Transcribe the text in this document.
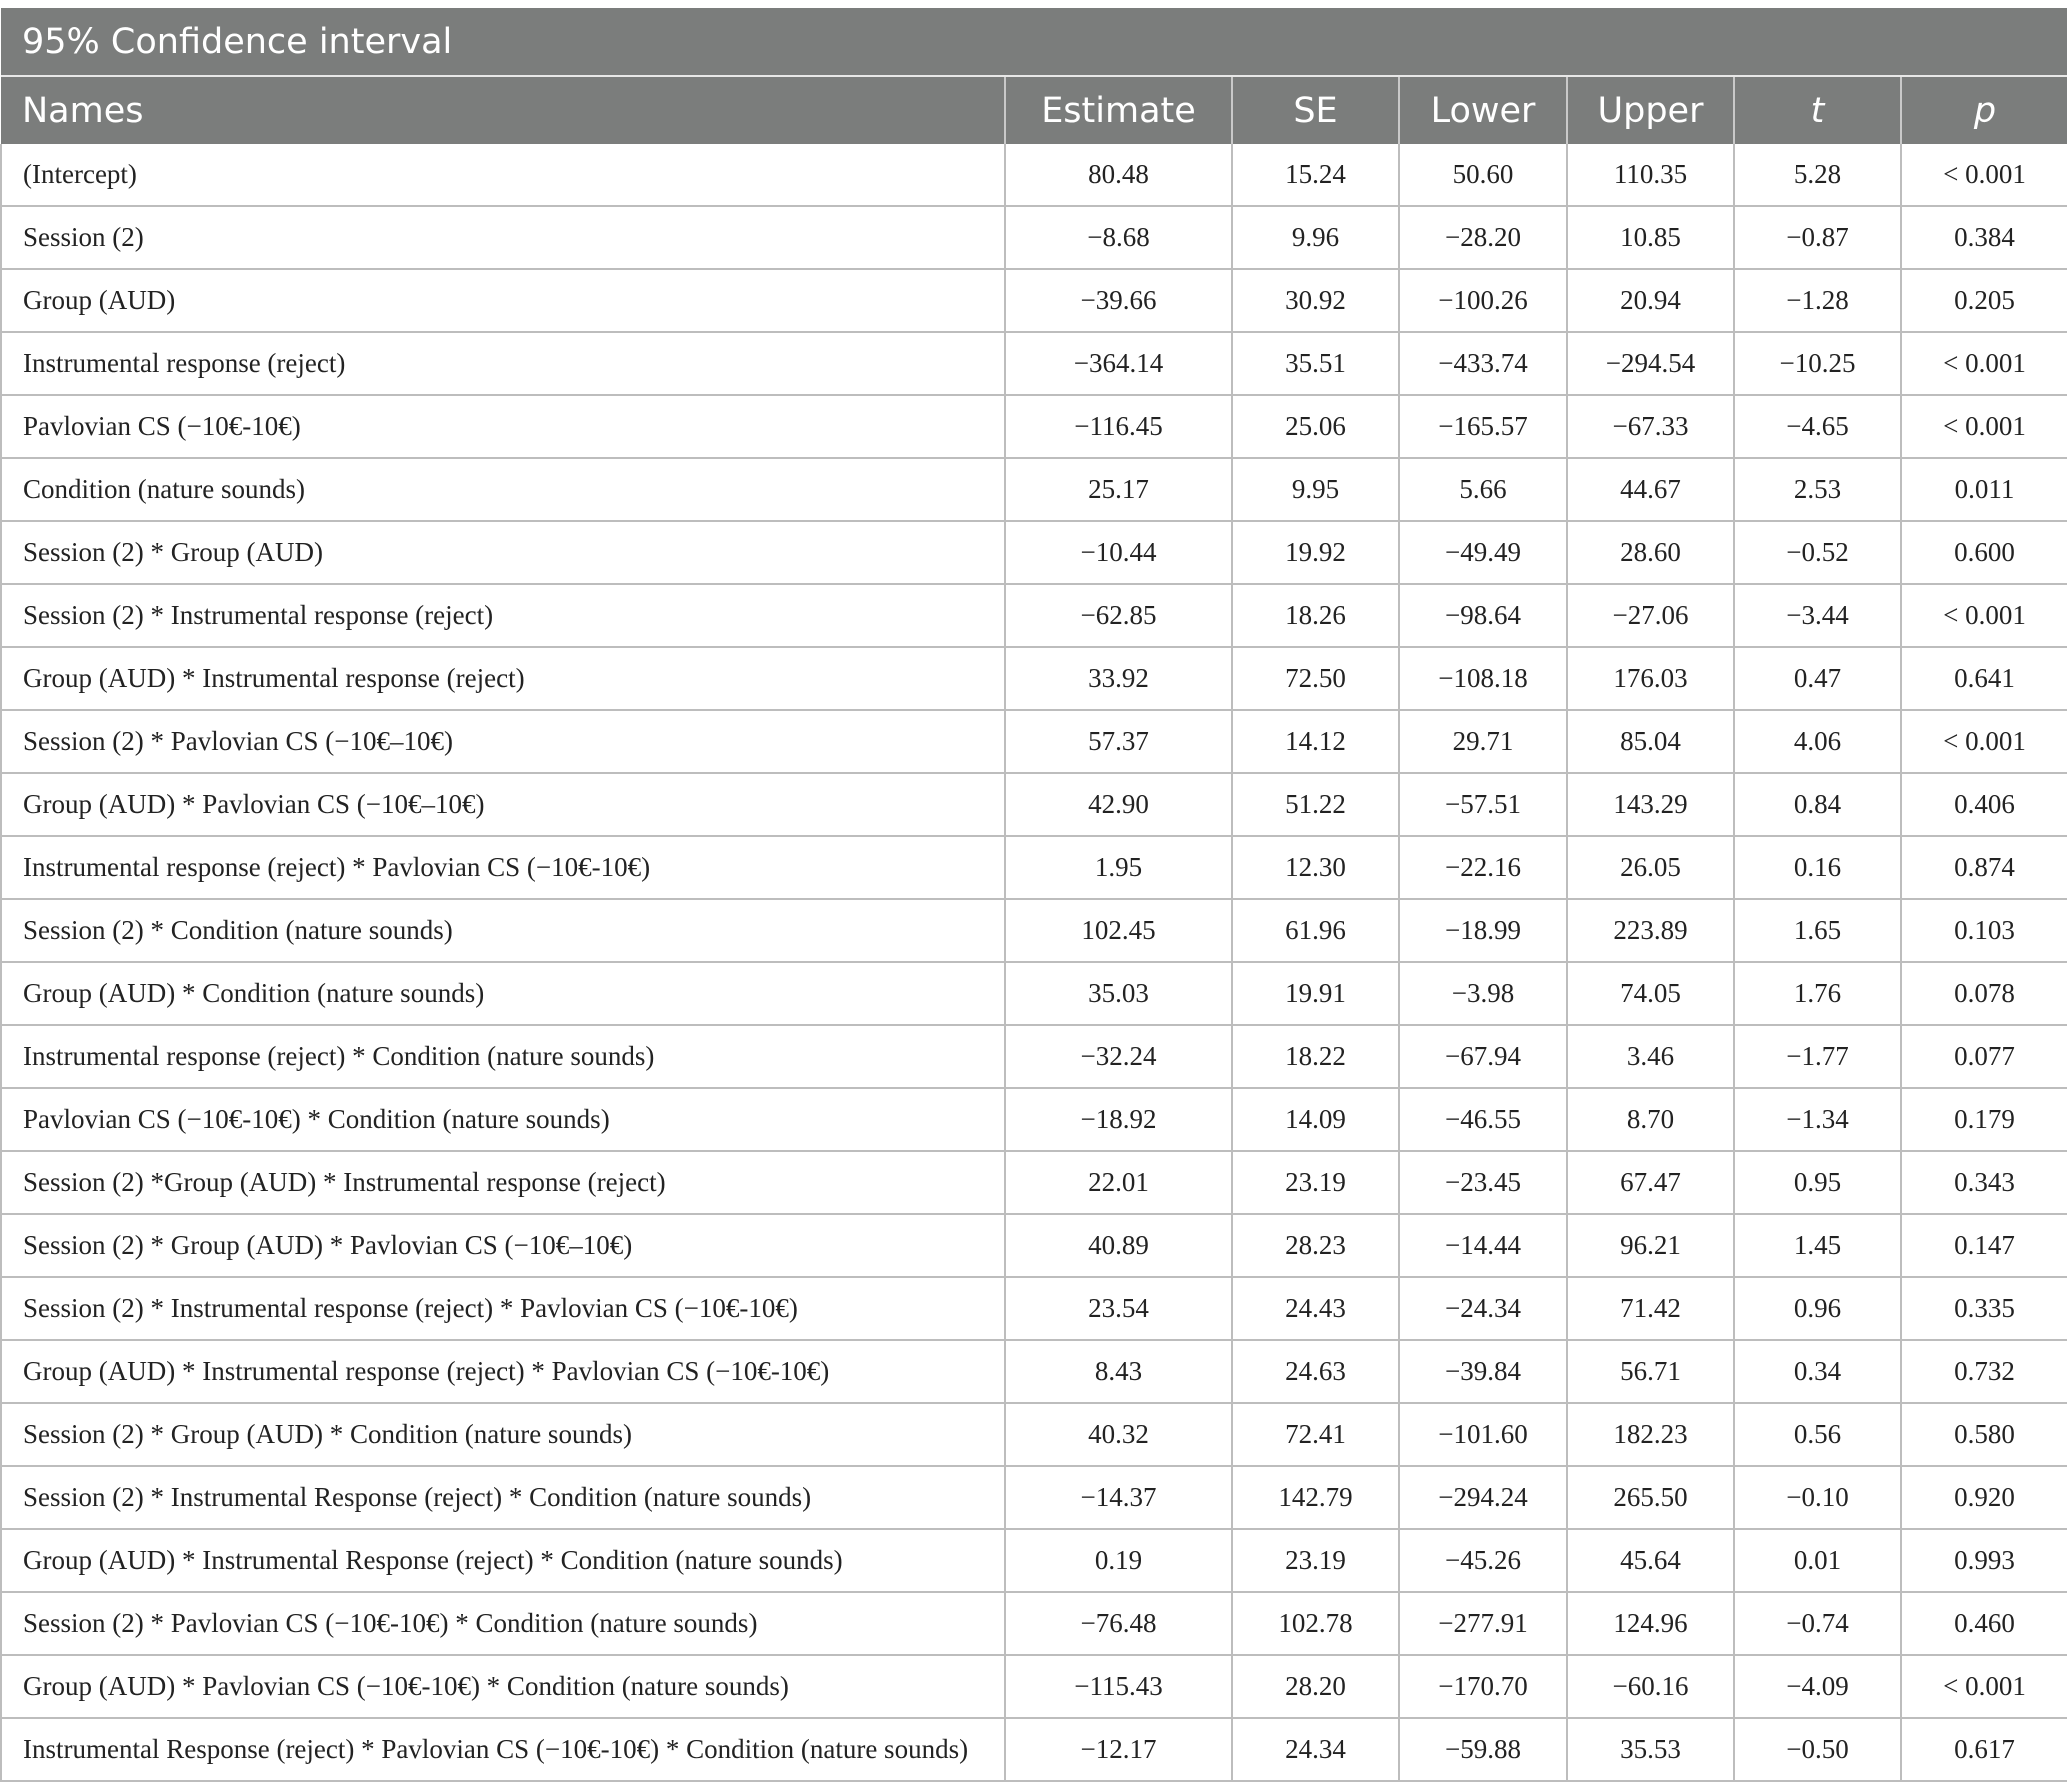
95% Confidence interval						
Names	Estimate	SE	Lower	Upper	t	p
(Intercept)	80.48	15.24	50.60	110.35	5.28	< 0.001
Session (2)	−8.68	9.96	−28.20	10.85	−0.87	0.384
Group (AUD)	−39.66	30.92	−100.26	20.94	−1.28	0.205
Instrumental response (reject)	−364.14	35.51	−433.74	−294.54	−10.25	< 0.001
Pavlovian CS (−10€-10€)	−116.45	25.06	−165.57	−67.33	−4.65	< 0.001
Condition (nature sounds)	25.17	9.95	5.66	44.67	2.53	0.011
Session (2) * Group (AUD)	−10.44	19.92	−49.49	28.60	−0.52	0.600
Session (2) * Instrumental response (reject)	−62.85	18.26	−98.64	−27.06	−3.44	< 0.001
Group (AUD) * Instrumental response (reject)	33.92	72.50	−108.18	176.03	0.47	0.641
Session (2) * Pavlovian CS (−10€–10€)	57.37	14.12	29.71	85.04	4.06	< 0.001
Group (AUD) * Pavlovian CS (−10€–10€)	42.90	51.22	−57.51	143.29	0.84	0.406
Instrumental response (reject) * Pavlovian CS (−10€-10€)	1.95	12.30	−22.16	26.05	0.16	0.874
Session (2) * Condition (nature sounds)	102.45	61.96	−18.99	223.89	1.65	0.103
Group (AUD) * Condition (nature sounds)	35.03	19.91	−3.98	74.05	1.76	0.078
Instrumental response (reject) * Condition (nature sounds)	−32.24	18.22	−67.94	3.46	−1.77	0.077
Pavlovian CS (−10€-10€) * Condition (nature sounds)	−18.92	14.09	−46.55	8.70	−1.34	0.179
Session (2) *Group (AUD) * Instrumental response (reject)	22.01	23.19	−23.45	67.47	0.95	0.343
Session (2) * Group (AUD) * Pavlovian CS (−10€–10€)	40.89	28.23	−14.44	96.21	1.45	0.147
Session (2) * Instrumental response (reject) * Pavlovian CS (−10€-10€)	23.54	24.43	−24.34	71.42	0.96	0.335
Group (AUD) * Instrumental response (reject) * Pavlovian CS (−10€-10€)	8.43	24.63	−39.84	56.71	0.34	0.732
Session (2) * Group (AUD) * Condition (nature sounds)	40.32	72.41	−101.60	182.23	0.56	0.580
Session (2) * Instrumental Response (reject) * Condition (nature sounds)	−14.37	142.79	−294.24	265.50	−0.10	0.920
Group (AUD) * Instrumental Response (reject) * Condition (nature sounds)	0.19	23.19	−45.26	45.64	0.01	0.993
Session (2) * Pavlovian CS (−10€-10€) * Condition (nature sounds)	−76.48	102.78	−277.91	124.96	−0.74	0.460
Group (AUD) * Pavlovian CS (−10€-10€) * Condition (nature sounds)	−115.43	28.20	−170.70	−60.16	−4.09	< 0.001
Instrumental Response (reject) * Pavlovian CS (−10€-10€) * Condition (nature sounds)	−12.17	24.34	−59.88	35.53	−0.50	0.617
